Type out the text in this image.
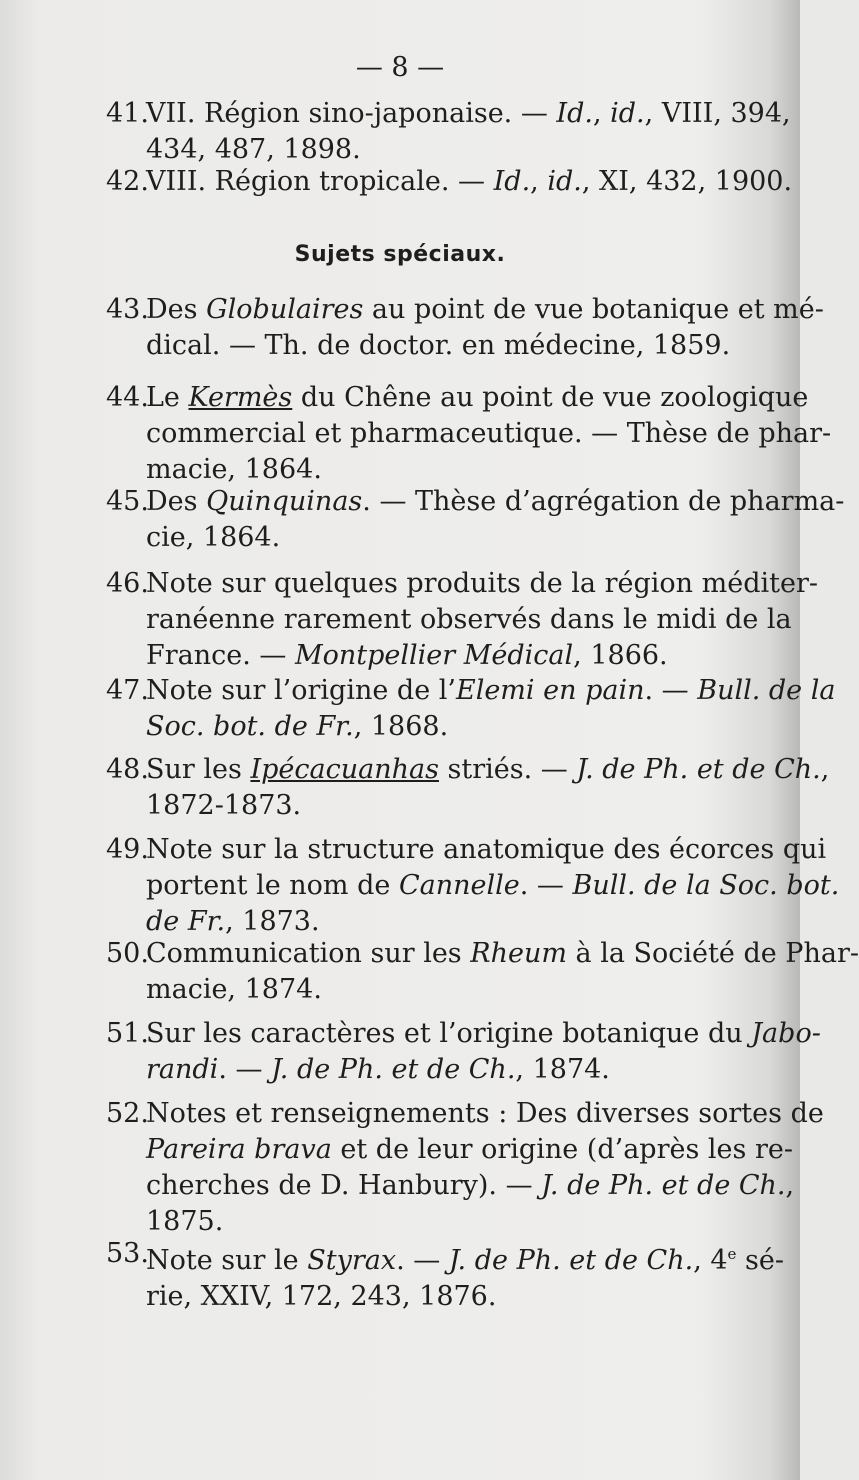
— 8 —
Sujets spéciaux.
41.
VII. Région sino-japonaise. — Id., id., VIII, 394,
434, 487, 1898.
42.
VIII. Région tropicale. — Id., id., XI, 432, 1900.
43.
Des Globulaires au point de vue botanique et mé-
dical. — Th. de doctor. en médecine, 1859.
44.
Le Kermès du Chêne au point de vue zoologique
commercial et pharmaceutique. — Thèse de phar-
macie, 1864.
45.
Des Quinquinas. — Thèse d’agrégation de pharma-
cie, 1864.
46.
Note sur quelques produits de la région méditer-
ranéenne rarement observés dans le midi de la
France. — Montpellier Médical, 1866.
47.
Note sur l’origine de l’Elemi en pain. — Bull. de la
Soc. bot. de Fr., 1868.
48.
Sur les Ipécacuanhas striés. — J. de Ph. et de Ch.,
1872-1873.
49.
Note sur la structure anatomique des écorces qui
portent le nom de Cannelle. — Bull. de la Soc. bot.
de Fr., 1873.
50.
Communication sur les Rheum à la Société de Phar-
macie, 1874.
51.
Sur les caractères et l’origine botanique du Jabo-
randi. — J. de Ph. et de Ch., 1874.
52.
Notes et renseignements : Des diverses sortes de
Pareira brava et de leur origine (d’après les re-
cherches de D. Hanbury). — J. de Ph. et de Ch.,
1875.
53.
Note sur le Styrax. — J. de Ph. et de Ch., 4e sé-
rie, XXIV, 172, 243, 1876.
